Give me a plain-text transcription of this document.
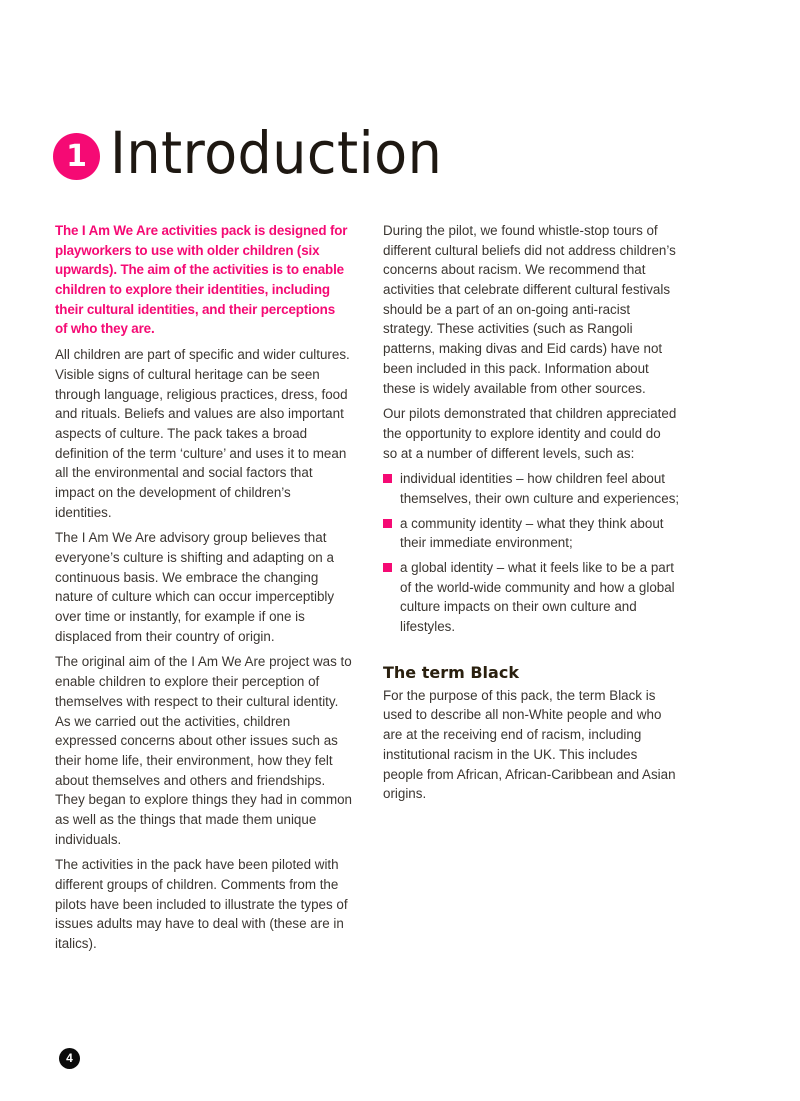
1 Introduction
The I Am We Are activities pack is designed for
playworkers to use with older children (six
upwards). The aim of the activities is to enable
children to explore their identities, including
their cultural identities, and their perceptions
of who they are.
All children are part of specific and wider cultures.
Visible signs of cultural heritage can be seen
through language, religious practices, dress, food
and rituals. Beliefs and values are also important
aspects of culture. The pack takes a broad
definition of the term ‘culture’ and uses it to mean
all the environmental and social factors that
impact on the development of children’s
identities.
The I Am We Are advisory group believes that
everyone’s culture is shifting and adapting on a
continuous basis. We embrace the changing
nature of culture which can occur imperceptibly
over time or instantly, for example if one is
displaced from their country of origin.
The original aim of the I Am We Are project was to
enable children to explore their perception of
themselves with respect to their cultural identity.
As we carried out the activities, children
expressed concerns about other issues such as
their home life, their environment, how they felt
about themselves and others and friendships.
They began to explore things they had in common
as well as the things that made them unique
individuals.
The activities in the pack have been piloted with
different groups of children. Comments from the
pilots have been included to illustrate the types of
issues adults may have to deal with (these are in
italics).
During the pilot, we found whistle-stop tours of
different cultural beliefs did not address children’s
concerns about racism. We recommend that
activities that celebrate different cultural festivals
should be a part of an on-going anti-racist
strategy. These activities (such as Rangoli
patterns, making divas and Eid cards) have not
been included in this pack. Information about
these is widely available from other sources.
Our pilots demonstrated that children appreciated
the opportunity to explore identity and could do
so at a number of different levels, such as:
individual identities – how children feel about
themselves, their own culture and experiences;
a community identity – what they think about
their immediate environment;
a global identity – what it feels like to be a part
of the world-wide community and how a global
culture impacts on their own culture and
lifestyles.
The term Black
For the purpose of this pack, the term Black is
used to describe all non-White people and who
are at the receiving end of racism, including
institutional racism in the UK. This includes
people from African, African-Caribbean and Asian
origins.
4
